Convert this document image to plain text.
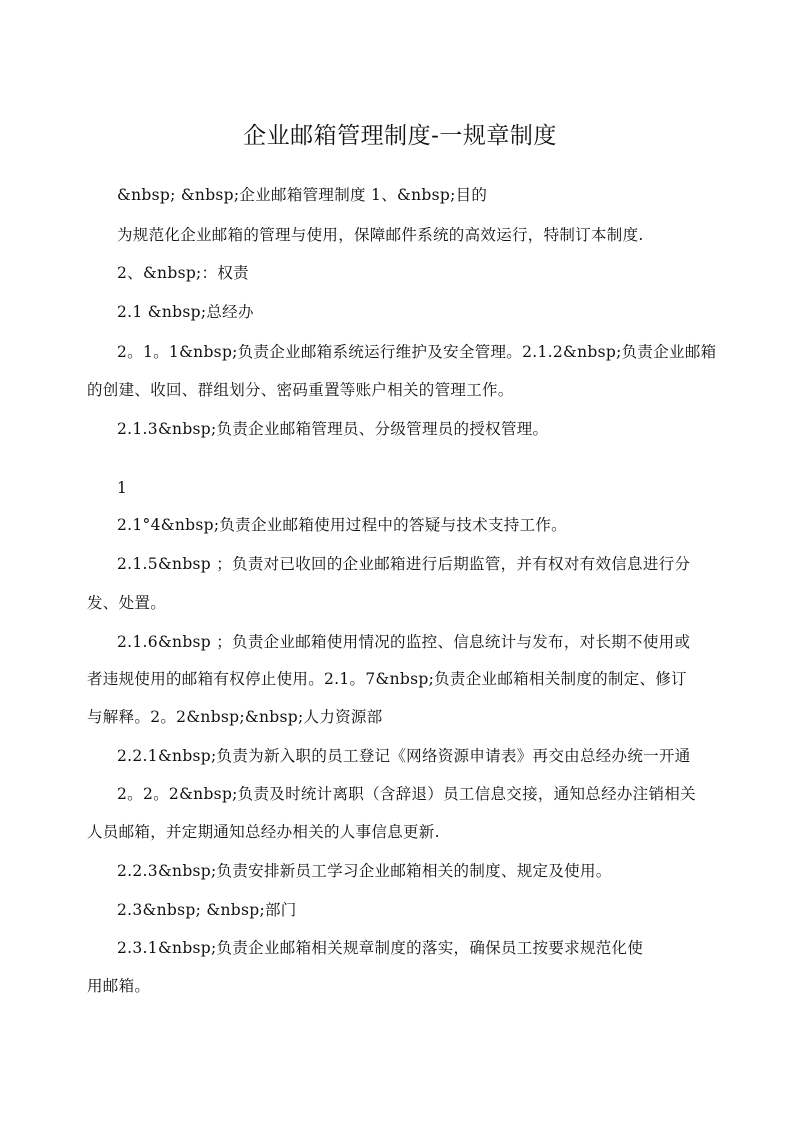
企业邮箱管理制度-一规章制度
&nbsp; &nbsp;企业邮箱管理制度 1、&nbsp;目的
为规范化企业邮箱的管理与使用，保障邮件系统的高效运行，特制订本制度.
2、&nbsp;：权责
2.1 &nbsp;总经办
2。1。1&nbsp;负责企业邮箱系统运行维护及安全管理。2.1.2&nbsp;负责企业邮箱
的创建、收回、群组划分、密码重置等账户相关的管理工作。
2.1.3&nbsp;负责企业邮箱管理员、分级管理员的授权管理。
1
2.1°4&nbsp;负责企业邮箱使用过程中的答疑与技术支持工作。
2.1.5&nbsp ；负责对已收回的企业邮箱进行后期监管，并有权对有效信息进行分
发、处置。
2.1.6&nbsp ；负责企业邮箱使用情况的监控、信息统计与发布，对长期不使用或
者违规使用的邮箱有权停止使用。2.1。7&nbsp;负责企业邮箱相关制度的制定、修订
与解释。2。2&nbsp;&nbsp;人力资源部
2.2.1&nbsp;负责为新入职的员工登记《网络资源申请表》再交由总经办统一开通
2。2。2&nbsp;负责及时统计离职（含辞退）员工信息交接，通知总经办注销相关
人员邮箱，并定期通知总经办相关的人事信息更新.
2.2.3&nbsp;负责安排新员工学习企业邮箱相关的制度、规定及使用。
2.3&nbsp; &nbsp;部门
2.3.1&nbsp;负责企业邮箱相关规章制度的落实，确保员工按要求规范化使
用邮箱。
